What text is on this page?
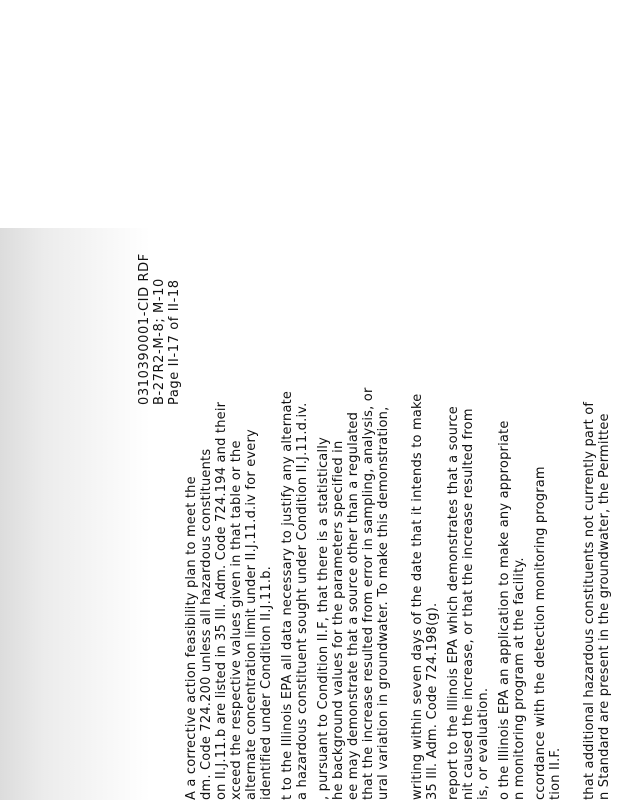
0310390001-CID RDF B-27R2-M-8; M-10 Page II-17 of II-18
A a corrective action feasibility plan to meet the dm. Code 724.200 unless all hazardous constituents on II.J.11.b are listed in 35 Ill. Adm. Code 724.194 and their xceed the respective values given in that table or the alternate concentration limit under II.J.11.d.iv for every identified under Condition II.J.11.b. t to the Illinois EPA all data necessary to justify any alternate a hazardous constituent sought under Condition II.J.11.d.iv. , pursuant to Condition II.F, that there is a statistically he background values for the parameters specified in ee may demonstrate that a source other than a regulated that the increase resulted from error in sampling, analysis, or ural variation in groundwater. To make this demonstration, writing within seven days of the date that it intends to make 35 Ill. Adm. Code 724.198(g). report to the Illinois EPA which demonstrates that a source nit caused the increase, or that the increase resulted from is, or evaluation. o the Illinois EPA an application to make any appropriate n monitoring program at the facility. ccordance with the detection monitoring program tion II.F. that additional hazardous constituents not currently part of n Standard are present in the groundwater, the Permittee
